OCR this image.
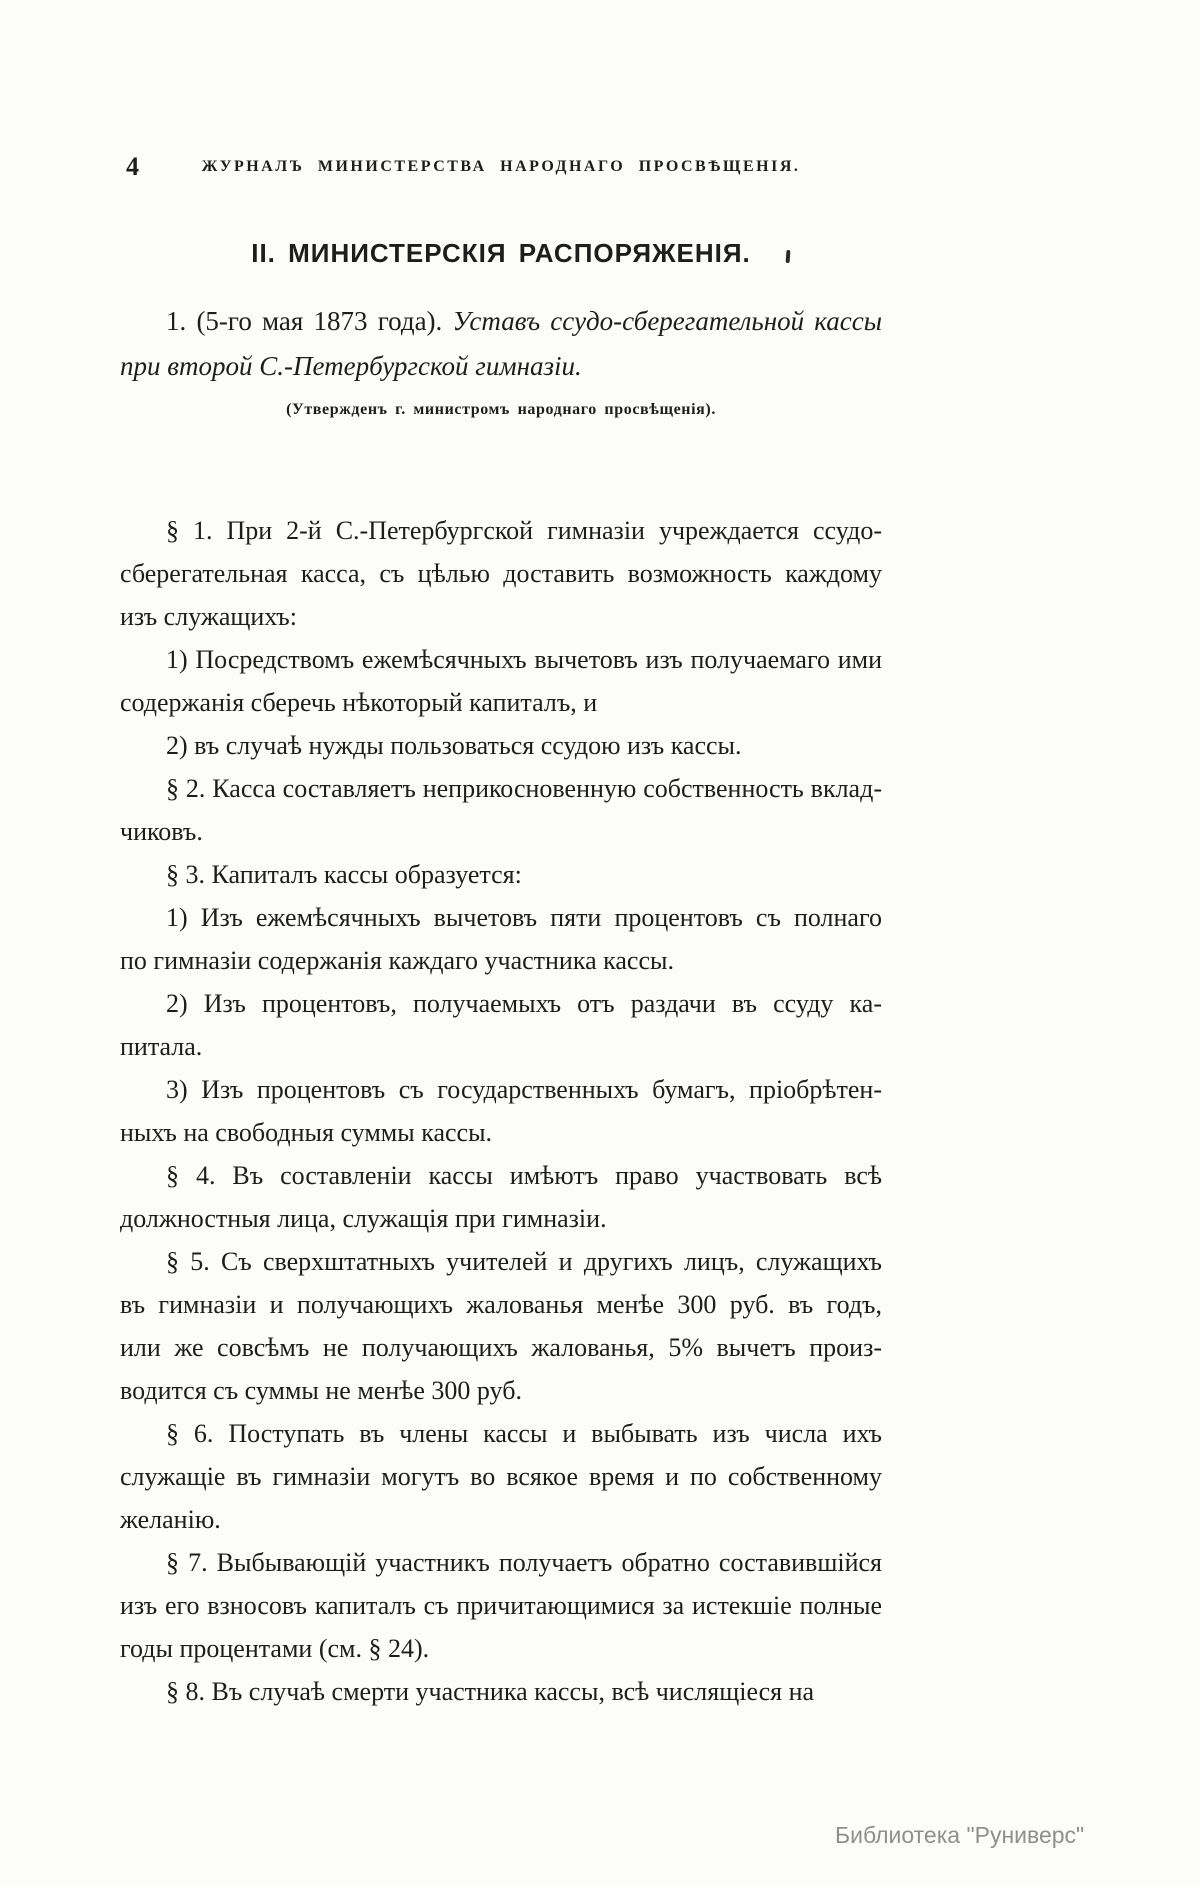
4	ЖУРНАЛЪ МИНИСТЕРСТВА НАРОДНАГО ПРОСВѢЩЕНІЯ.
II. МИНИСТЕРСКІЯ РАСПОРЯЖЕНІЯ.
1. (5-го мая 1873 года). Уставъ ссудо-сберегательной кассы
при второй С.-Петербургской гимназіи.
(Утвержденъ г. министромъ народнаго просвѣщенія).
§ 1. При 2-й С.-Петербургской гимназіи учреждается ссудо-
сберегательная касса, съ цѣлью доставить возможность каждому
изъ служащихъ:
1) Посредствомъ ежемѣсячныхъ вычетовъ изъ получаемаго ими
содержанія сберечь нѣкоторый капиталъ, и
2) въ случаѣ нужды пользоваться ссудою изъ кассы.
§ 2. Касса составляетъ неприкосновенную собственность вклад-
чиковъ.
§ 3. Капиталъ кассы образуется:
1) Изъ ежемѣсячныхъ вычетовъ пяти процентовъ съ полнаго
по гимназіи содержанія каждаго участника кассы.
2) Изъ процентовъ, получаемыхъ отъ раздачи въ ссуду ка-
питала.
3) Изъ процентовъ съ государственныхъ бумагъ, пріобрѣтен-
ныхъ на свободныя суммы кассы.
§ 4. Въ составленіи кассы имѣютъ право участвовать всѣ
должностныя лица, служащія при гимназіи.
§ 5. Съ сверхштатныхъ учителей и другихъ лицъ, служащихъ
въ гимназіи и получающихъ жалованья менѣе 300 руб. въ годъ,
или же совсѣмъ не получающихъ жалованья, 5% вычетъ произ-
водится съ суммы не менѣе 300 руб.
§ 6. Поступать въ члены кассы и выбывать изъ числа ихъ
служащіе въ гимназіи могутъ во всякое время и по собственному
желанію.
§ 7. Выбывающій участникъ получаетъ обратно составившійся
изъ его взносовъ капиталъ съ причитающимися за истекшіе полные
годы процентами (см. § 24).
§ 8. Въ случаѣ смерти участника кассы, всѣ числящіеся на
Библиотека "Руниверс"
